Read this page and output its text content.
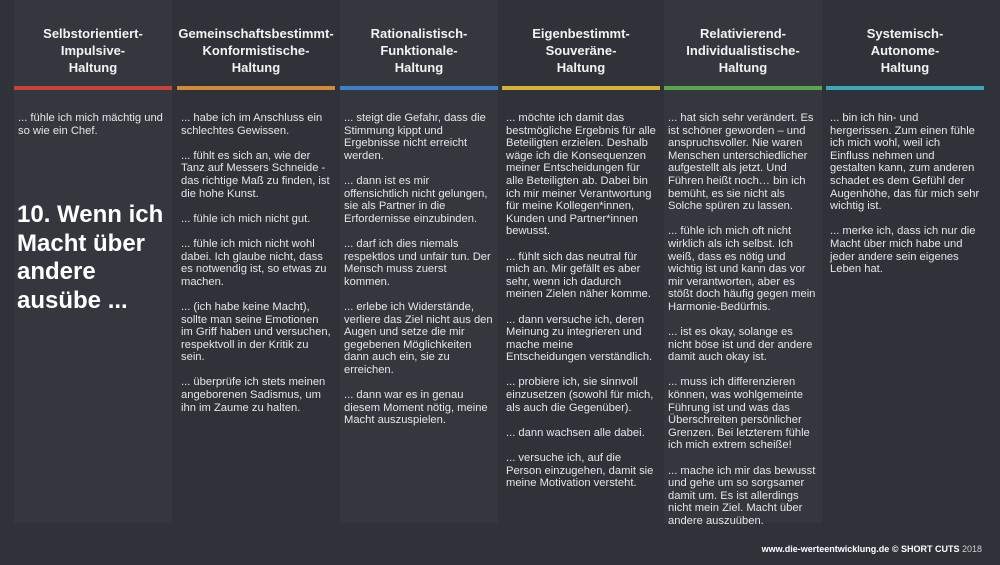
Selbstorientiert-
Impulsive-
Haltung

... fühle ich mich mächtig und so wie ein Chef.

Gemeinschaftsbestimmt-
Konformistische-
Haltung

... habe ich im Anschluss ein schlechtes Gewissen.

... fühlt es sich an, wie der Tanz auf Messers Schneide - das richtige Maß zu finden, ist die hohe Kunst.

... fühle ich mich nicht gut.

... fühle ich mich nicht wohl dabei. Ich glaube nicht, dass es notwendig ist, so etwas zu machen.

... (ich habe keine Macht), sollte man seine Emotionen im Griff haben und versuchen, respektvoll in der Kritik zu sein.

... überprüfe ich stets meinen angeborenen Sadismus, um ihn im Zaume zu halten.

Rationalistisch-
Funktionale-
Haltung

... steigt die Gefahr, dass die Stimmung kippt und Ergebnisse nicht erreicht werden.

... dann ist es mir offensichtlich nicht gelungen, sie als Partner in die Erfordernisse einzubinden.

... darf ich dies niemals respektlos und unfair tun. Der Mensch muss zuerst kommen.

... erlebe ich Widerstände, verliere das Ziel nicht aus den Augen und setze die mir gegebenen Möglichkeiten dann auch ein, sie zu erreichen.

... dann war es in genau diesem Moment nötig, meine Macht auszuspielen.

Eigenbestimmt-
Souveräne-
Haltung

... möchte ich damit das bestmögliche Ergebnis für alle Beteiligten erzielen. Deshalb wäge ich die Konsequenzen meiner Entscheidungen für alle Beteiligten ab. Dabei bin ich mir meiner Verantwortung für meine Kollegen*innen, Kunden und Partner*innen bewusst.

... fühlt sich das neutral für mich an. Mir gefällt es aber sehr, wenn ich dadurch meinen Zielen näher komme.

... dann versuche ich, deren Meinung zu integrieren und mache meine Entscheidungen verständlich.

... probiere ich, sie sinnvoll einzusetzen (sowohl für mich, als auch die Gegenüber).

... dann wachsen alle dabei.

... versuche ich, auf die Person einzugehen, damit sie meine Motivation versteht.

Relativierend-
Individualistische-
Haltung

... hat sich sehr verändert. Es ist schöner geworden – und anspruchsvoller. Nie waren Menschen unterschiedlicher aufgestellt als jetzt. Und Führen heißt noch… bin ich bemüht, es sie nicht als Solche spüren zu lassen.

... fühle ich mich oft nicht wirklich als ich selbst. Ich weiß, dass es nötig und wichtig ist und kann das vor mir verantworten, aber es stößt doch häufig gegen mein Harmonie-Bedürfnis.

... ist es okay, solange es nicht böse ist und der andere damit auch okay ist.

... muss ich differenzieren können, was wohlgemeinte Führung ist und was das Überschreiten persönlicher Grenzen. Bei letzterem fühle ich mich extrem scheiße!

... mache ich mir das bewusst und gehe um so sorgsamer damit um. Es ist allerdings nicht mein Ziel. Macht über andere auszuüben.

Systemisch-
Autonome-
Haltung

... bin ich hin- und hergerissen. Zum einen fühle ich mich wohl, weil ich Einfluss nehmen und gestalten kann, zum anderen schadet es dem Gefühl der Augenhöhe, das für mich sehr wichtig ist.

... merke ich, dass ich nur die Macht über mich habe und jeder andere sein eigenes Leben hat.

10. Wenn ich Macht über andere ausübe ...
www.die-werteentwicklung.de © SHORT CUTS 2018
